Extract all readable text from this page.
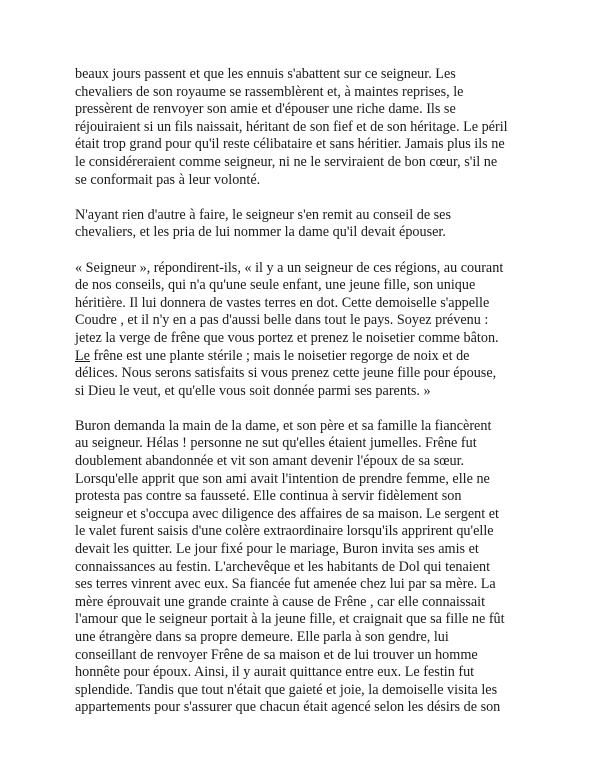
beaux jours passent et que les ennuis s'abattent sur ce seigneur. Les
chevaliers de son royaume se rassemblèrent et, à maintes reprises, le
pressèrent de renvoyer son amie et d'épouser une riche dame. Ils se
réjouiraient si un fils naissait, héritant de son fief et de son héritage. Le péril
était trop grand pour qu'il reste célibataire et sans héritier. Jamais plus ils ne
le considéreraient comme seigneur, ni ne le serviraient de bon cœur, s'il ne
se conformait pas à leur volonté.

N'ayant rien d'autre à faire, le seigneur s'en remit au conseil de ses
chevaliers, et les pria de lui nommer la dame qu'il devait épouser.

« Seigneur », répondirent-ils, « il y a un seigneur de ces régions, au courant
de nos conseils, qui n'a qu'une seule enfant, une jeune fille, son unique
héritière. Il lui donnera de vastes terres en dot. Cette demoiselle s'appelle
Coudre , et il n'y en a pas d'aussi belle dans tout le pays. Soyez prévenu :
jetez la verge de frêne que vous portez et prenez le noisetier comme bâton.
Le frêne est une plante stérile ; mais le noisetier regorge de noix et de
délices. Nous serons satisfaits si vous prenez cette jeune fille pour épouse,
si Dieu le veut, et qu'elle vous soit donnée parmi ses parents. »

Buron demanda la main de la dame, et son père et sa famille la fiancèrent
au seigneur. Hélas ! personne ne sut qu'elles étaient jumelles. Frêne fut
doublement abandonnée et vit son amant devenir l'époux de sa sœur.
Lorsqu'elle apprit que son ami avait l'intention de prendre femme, elle ne
protesta pas contre sa fausseté. Elle continua à servir fidèlement son
seigneur et s'occupa avec diligence des affaires de sa maison. Le sergent et
le valet furent saisis d'une colère extraordinaire lorsqu'ils apprirent qu'elle
devait les quitter. Le jour fixé pour le mariage, Buron invita ses amis et
connaissances au festin. L'archevêque et les habitants de Dol qui tenaient
ses terres vinrent avec eux. Sa fiancée fut amenée chez lui par sa mère. La
mère éprouvait une grande crainte à cause de Frêne , car elle connaissait
l'amour que le seigneur portait à la jeune fille, et craignait que sa fille ne fût
une étrangère dans sa propre demeure. Elle parla à son gendre, lui
conseillant de renvoyer Frêne de sa maison et de lui trouver un homme
honnête pour époux. Ainsi, il y aurait quittance entre eux. Le festin fut
splendide. Tandis que tout n'était que gaieté et joie, la demoiselle visita les
appartements pour s'assurer que chacun était agencé selon les désirs de son
